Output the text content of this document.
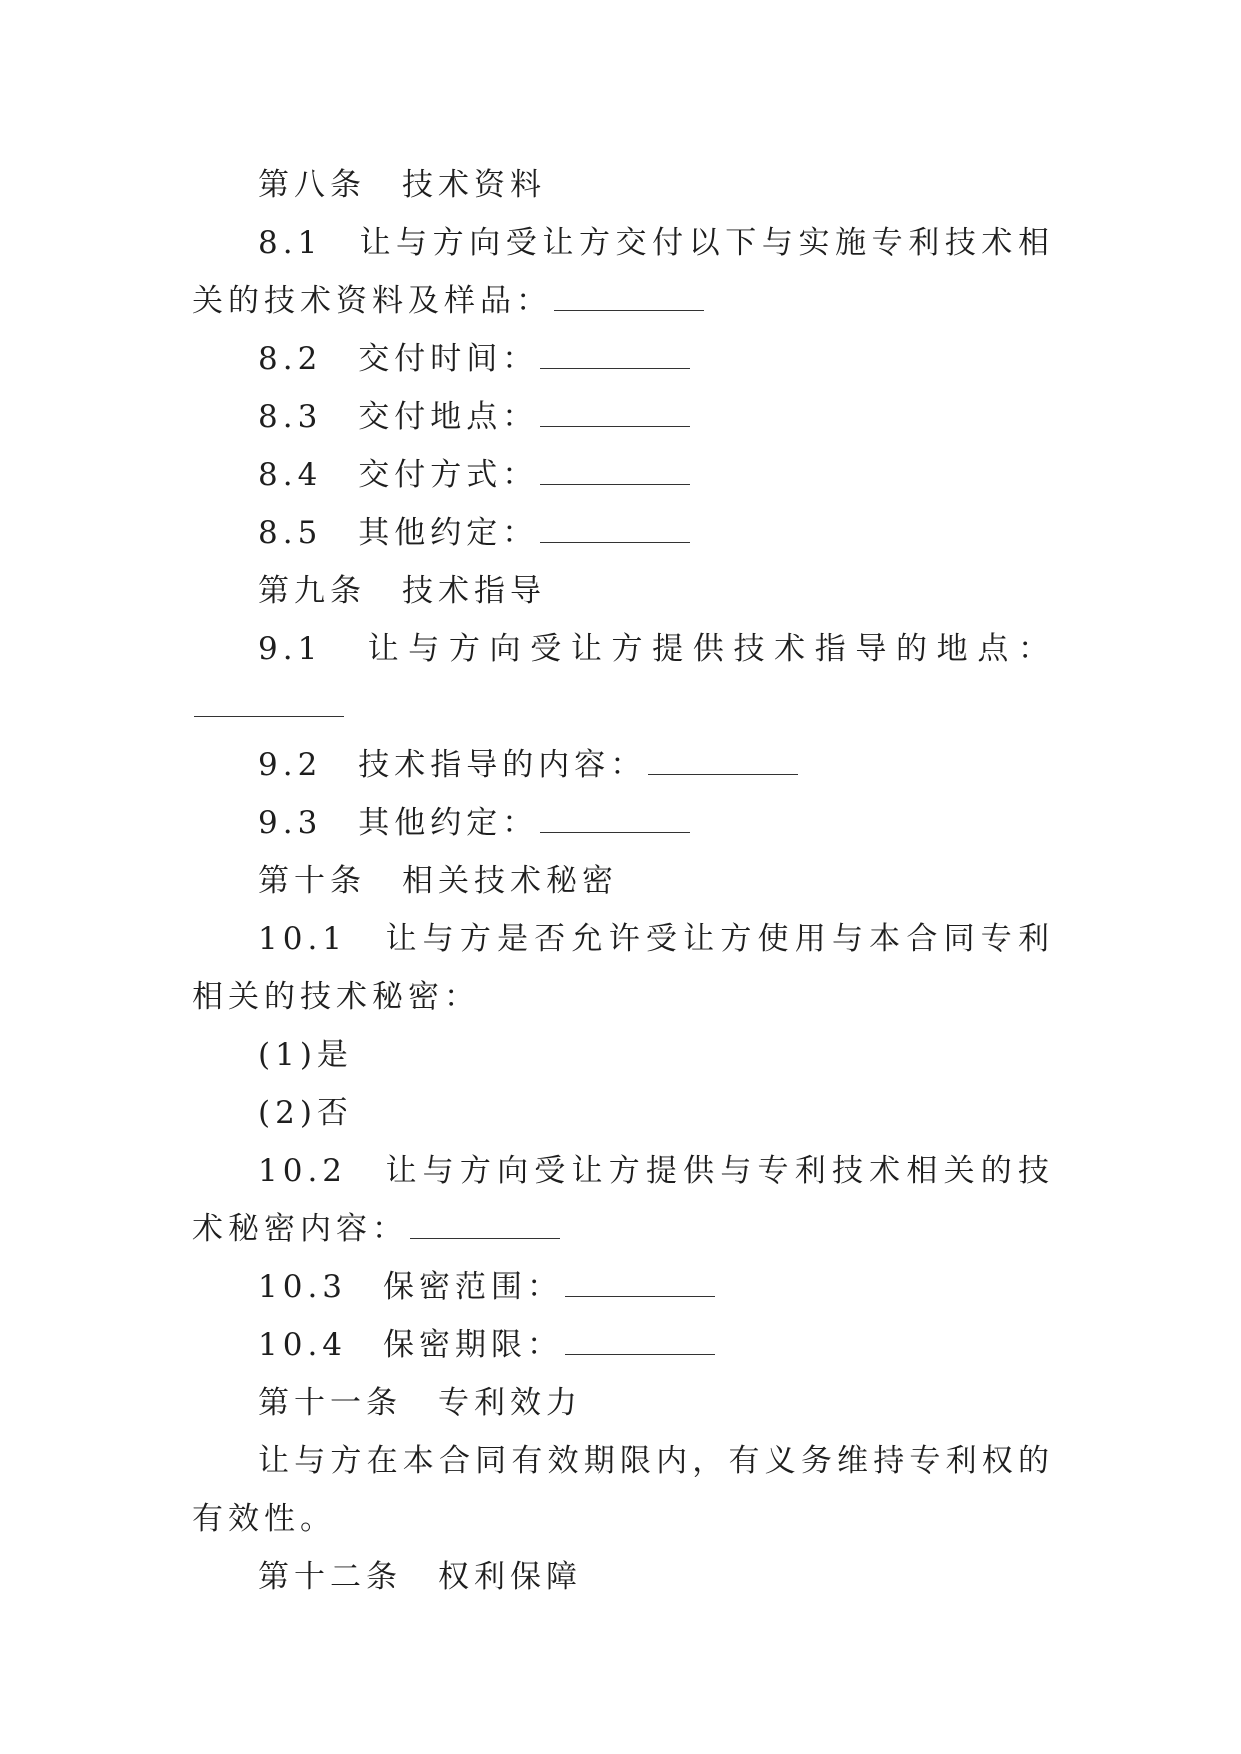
第八条　技术资料

8.1　让与方向受让方交付以下与实施专利技术相关的技术资料及样品：

8.2　交付时间：

8.3　交付地点：

8.4　交付方式：

8.5　其他约定：

第九条　技术指导

9.1　让与方向受让方提供技术指导的地点：

9.2　技术指导的内容：

9.3　其他约定：

第十条　相关技术秘密

10.1　让与方是否允许受让方使用与本合同专利相关的技术秘密：

(1)是

(2)否

10.2　让与方向受让方提供与专利技术相关的技术秘密内容：

10.3　保密范围：

10.4　保密期限：

第十一条　专利效力

让与方在本合同有效期限内，有义务维持专利权的有效性。

第十二条　权利保障
